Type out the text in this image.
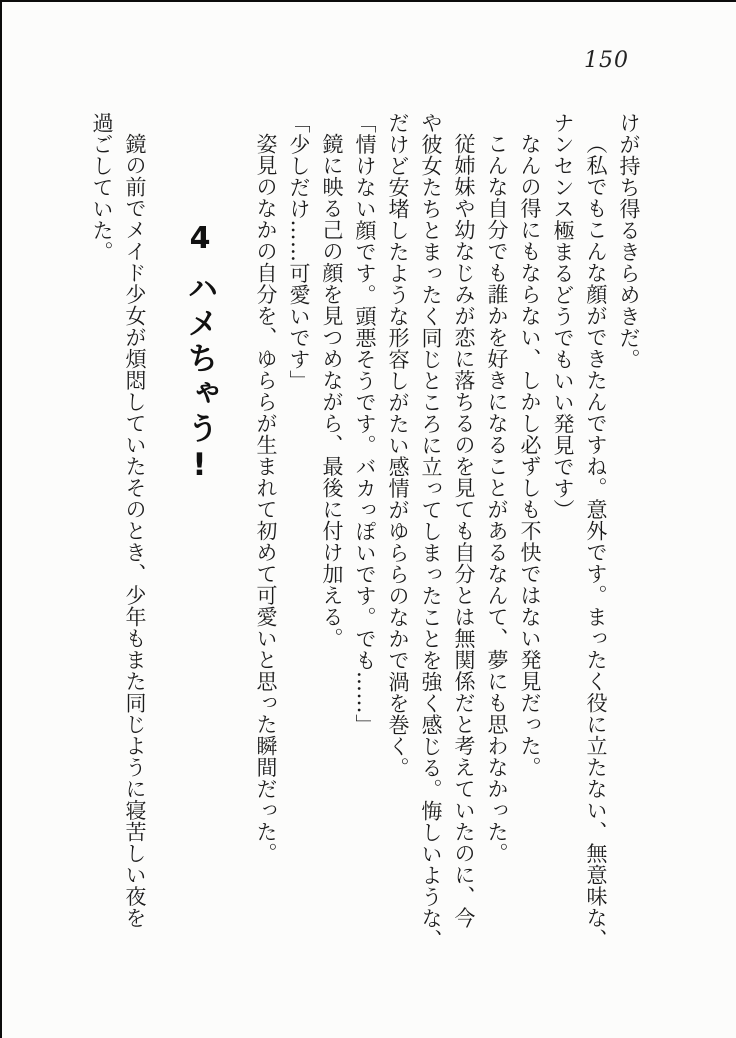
150
けが持ち得るきらめきだ。
（私でもこんな顔ができたんですね。意外です。まったく役に立たない、無意味な、
ナンセンス極まるどうでもいい発見です）
なんの得にもならない、しかし必ずしも不快ではない発見だった。
こんな自分でも誰かを好きになることがあるなんて、夢にも思わなかった。
従姉妹や幼なじみが恋に落ちるのを見ても自分とは無関係だと考えていたのに、今
や彼女たちとまったく同じところに立ってしまったことを強く感じる。悔しいような、
だけど安堵したような形容しがたい感情がゆららのなかで渦を巻く。
「情けない顔です。頭悪そうです。バカっぽいです。でも……」
鏡に映る己の顔を見つめながら、最後に付け加える。
「少しだけ……可愛いです」
姿見のなかの自分を、ゆららが生まれて初めて可愛いと思った瞬間だった。
4
ハメちゃう!
鏡の前でメイド少女が煩悶していたそのとき、少年もまた同じように寝苦しい夜を
過ごしていた。
